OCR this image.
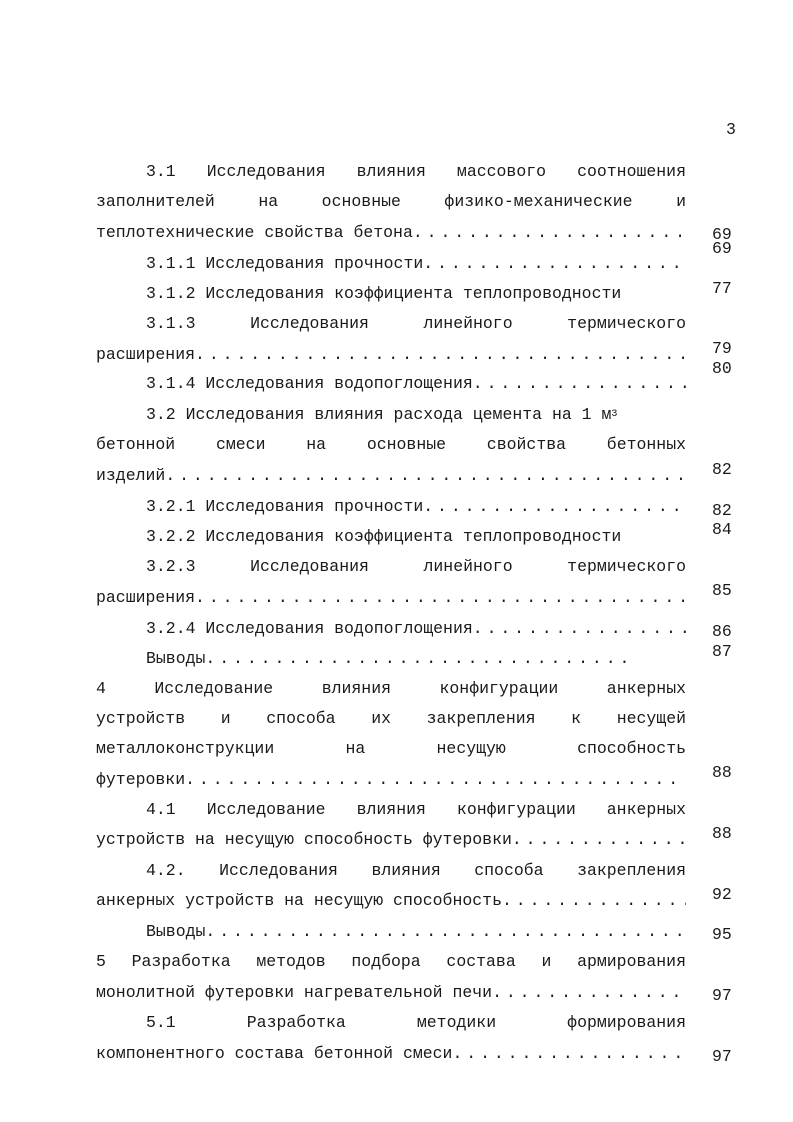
3
3.1 Исследования влияния массового соотношения
заполнителей на основные физико-механические и
теплотехнические свойства бетона
. . .
3.1.1 Исследования прочности
. . .
3.1.2 Исследования коэффициента теплопроводности
3.1.3 Исследования линейного термического
расширения
. . .
3.1.4 Исследования водопоглощения
. . .
3.2 Исследования влияния расхода цемента на 1 $м^3$
бетонной смеси на основные свойства бетонных
изделий
. . .
3.2.1 Исследования прочности
. . .
3.2.2 Исследования коэффициента теплопроводности
3.2.3 Исследования линейного термического
расширения
. . .
3.2.4 Исследования водопоглощения
. . .
Выводы
. . .
4 Исследование влияния конфигурации анкерных
устройств и способа их закрепления к несущей
металлоконструкции на несущую способность
футеровки
. . .
4.1 Исследование влияния конфигурации анкерных
устройств на несущую способность футеровки
. . .
4.2. Исследования влияния способа закрепления
анкерных устройств на несущую способность
. . .
Выводы
. . .
5 Разработка методов подбора состава и армирования
монолитной футеровки нагревательной печи
. . .
5.1 Разработка методики формирования
компонентного состава бетонной смеси
. . .
69
69
77
79
80
82
82
84
85
86
87
88
88
92
95
97
97
